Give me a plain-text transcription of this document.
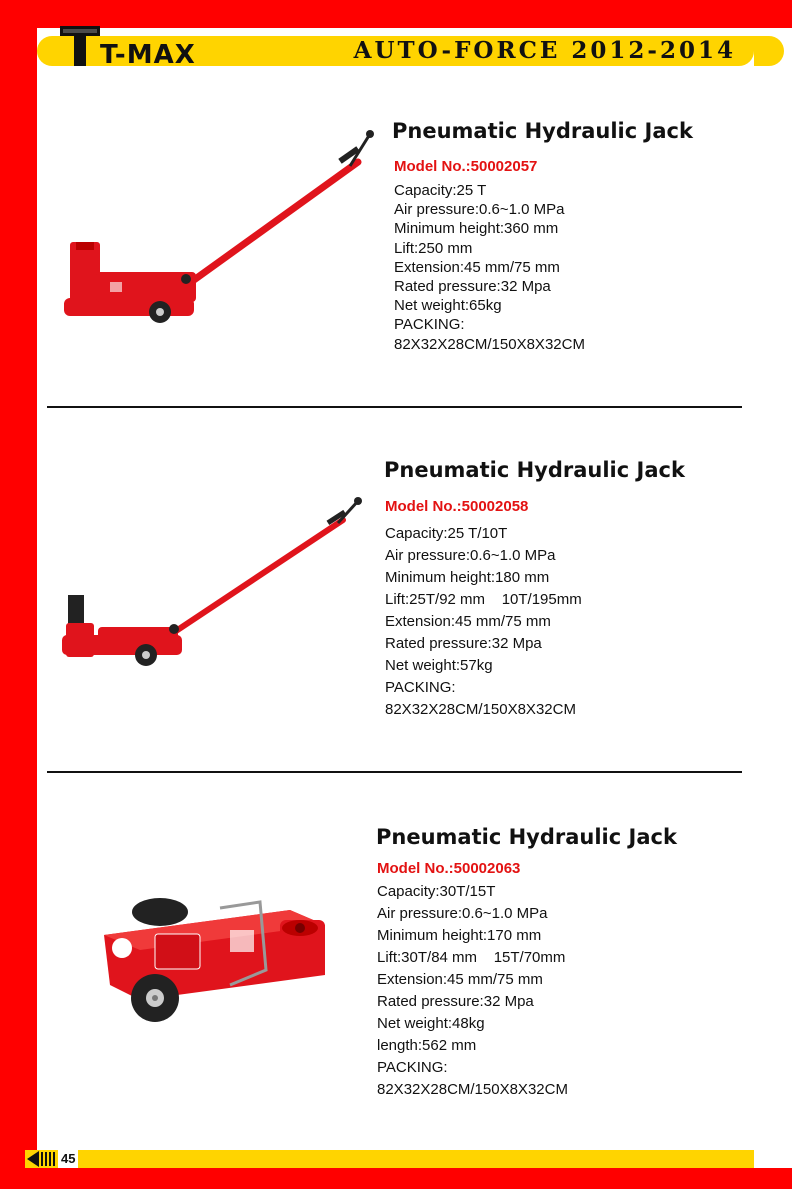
T-MAX	AUTO-FORCE 2012-2014
Pneumatic Hydraulic Jack
Model No.:50002057
Capacity:25 T
Air pressure:0.6~1.0 MPa
Minimum height:360 mm
Lift:250 mm
Extension:45 mm/75 mm
Rated pressure:32 Mpa
Net weight:65kg
PACKING:
82X32X28CM/150X8X32CM
Pneumatic Hydraulic Jack
Model No.:50002058
Capacity:25 T/10T
Air pressure:0.6~1.0 MPa
Minimum height:180 mm
Lift:25T/92 mm    10T/195mm
Extension:45 mm/75 mm
Rated pressure:32 Mpa
Net weight:57kg
PACKING:
82X32X28CM/150X8X32CM
Pneumatic Hydraulic Jack
Model No.:50002063
Capacity:30T/15T
Air pressure:0.6~1.0 MPa
Minimum height:170 mm
Lift:30T/84 mm    15T/70mm
Extension:45 mm/75 mm
Rated pressure:32 Mpa
Net weight:48kg
length:562 mm
PACKING:
82X32X28CM/150X8X32CM
45
